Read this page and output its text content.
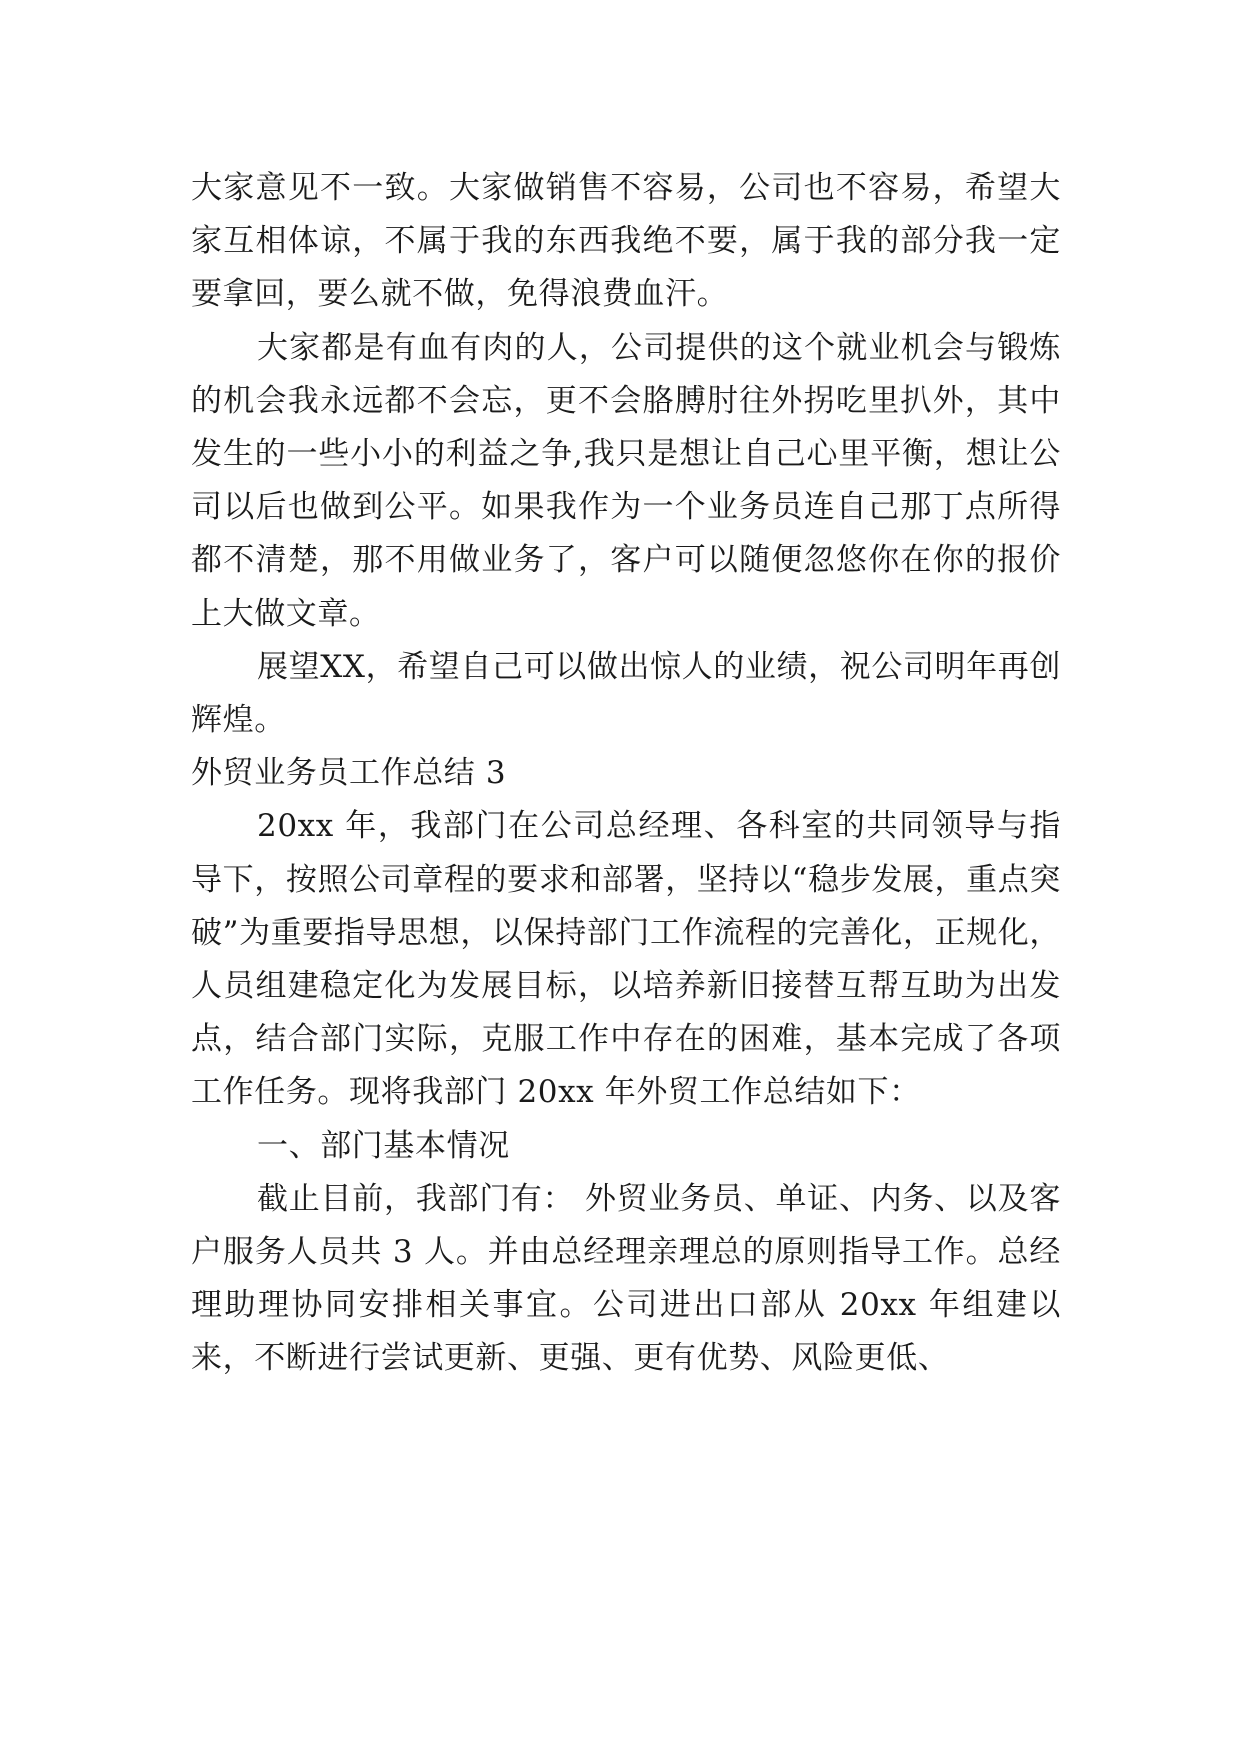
大家意见不一致。大家做销售不容易，公司也不容易，希望大家互相体谅，不属于我的东西我绝不要，属于我的部分我一定要拿回，要么就不做，免得浪费血汗。

大家都是有血有肉的人，公司提供的这个就业机会与锻炼的机会我永远都不会忘，更不会胳膊肘往外拐吃里扒外，其中发生的一些小小的利益之争,我只是想让自己心里平衡，想让公司以后也做到公平。如果我作为一个业务员连自己那丁点所得都不清楚，那不用做业务了，客户可以随便忽悠你在你的报价上大做文章。

展望XX，希望自己可以做出惊人的业绩，祝公司明年再创辉煌。

外贸业务员工作总结 3

20xx 年，我部门在公司总经理、各科室的共同领导与指导下，按照公司章程的要求和部署，坚持以“稳步发展，重点突破”为重要指导思想，以保持部门工作流程的完善化，正规化，人员组建稳定化为发展目标，以培养新旧接替互帮互助为出发点，结合部门实际，克服工作中存在的困难，基本完成了各项工作任务。现将我部门 20xx 年外贸工作总结如下：

一、部门基本情况

截止目前，我部门有： 外贸业务员、单证、内务、以及客户服务人员共 3 人。并由总经理亲理总的原则指导工作。总经理助理协同安排相关事宜。公司进出口部从 20xx 年组建以来，不断进行尝试更新、更强、更有优势、风险更低、
